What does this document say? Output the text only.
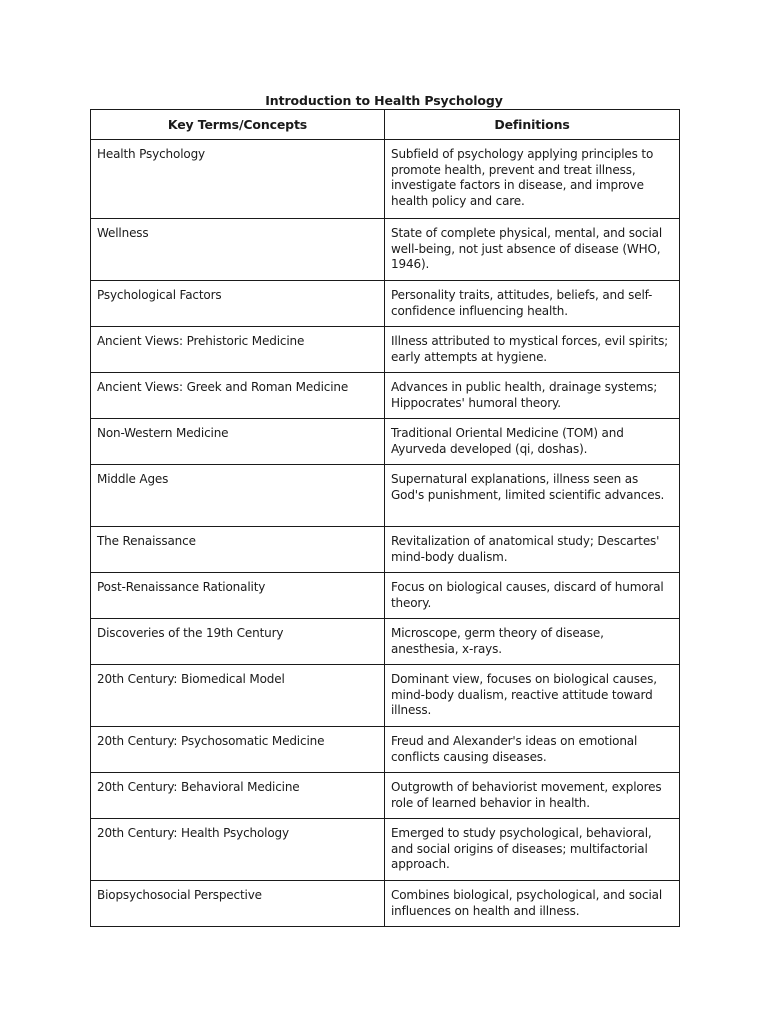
Introduction to Health Psychology
Key Terms/Concepts	Definitions
Health Psychology	Subfield of psychology applying principles to promote health, prevent and treat illness, investigate factors in disease, and improve health policy and care.
Wellness	State of complete physical, mental, and social well-being, not just absence of disease (WHO, 1946).
Psychological Factors	Personality traits, attitudes, beliefs, and self-confidence influencing health.
Ancient Views: Prehistoric Medicine	Illness attributed to mystical forces, evil spirits; early attempts at hygiene.
Ancient Views: Greek and Roman Medicine	Advances in public health, drainage systems; Hippocrates' humoral theory.
Non-Western Medicine	Traditional Oriental Medicine (TOM) and Ayurveda developed (qi, doshas).
Middle Ages	Supernatural explanations, illness seen as God's punishment, limited scientific advances.
The Renaissance	Revitalization of anatomical study; Descartes' mind-body dualism.
Post-Renaissance Rationality	Focus on biological causes, discard of humoral theory.
Discoveries of the 19th Century	Microscope, germ theory of disease, anesthesia, x-rays.
20th Century: Biomedical Model	Dominant view, focuses on biological causes, mind-body dualism, reactive attitude toward illness.
20th Century: Psychosomatic Medicine	Freud and Alexander's ideas on emotional conflicts causing diseases.
20th Century: Behavioral Medicine	Outgrowth of behaviorist movement, explores role of learned behavior in health.
20th Century: Health Psychology	Emerged to study psychological, behavioral, and social origins of diseases; multifactorial approach.
Biopsychosocial Perspective	Combines biological, psychological, and social influences on health and illness.
